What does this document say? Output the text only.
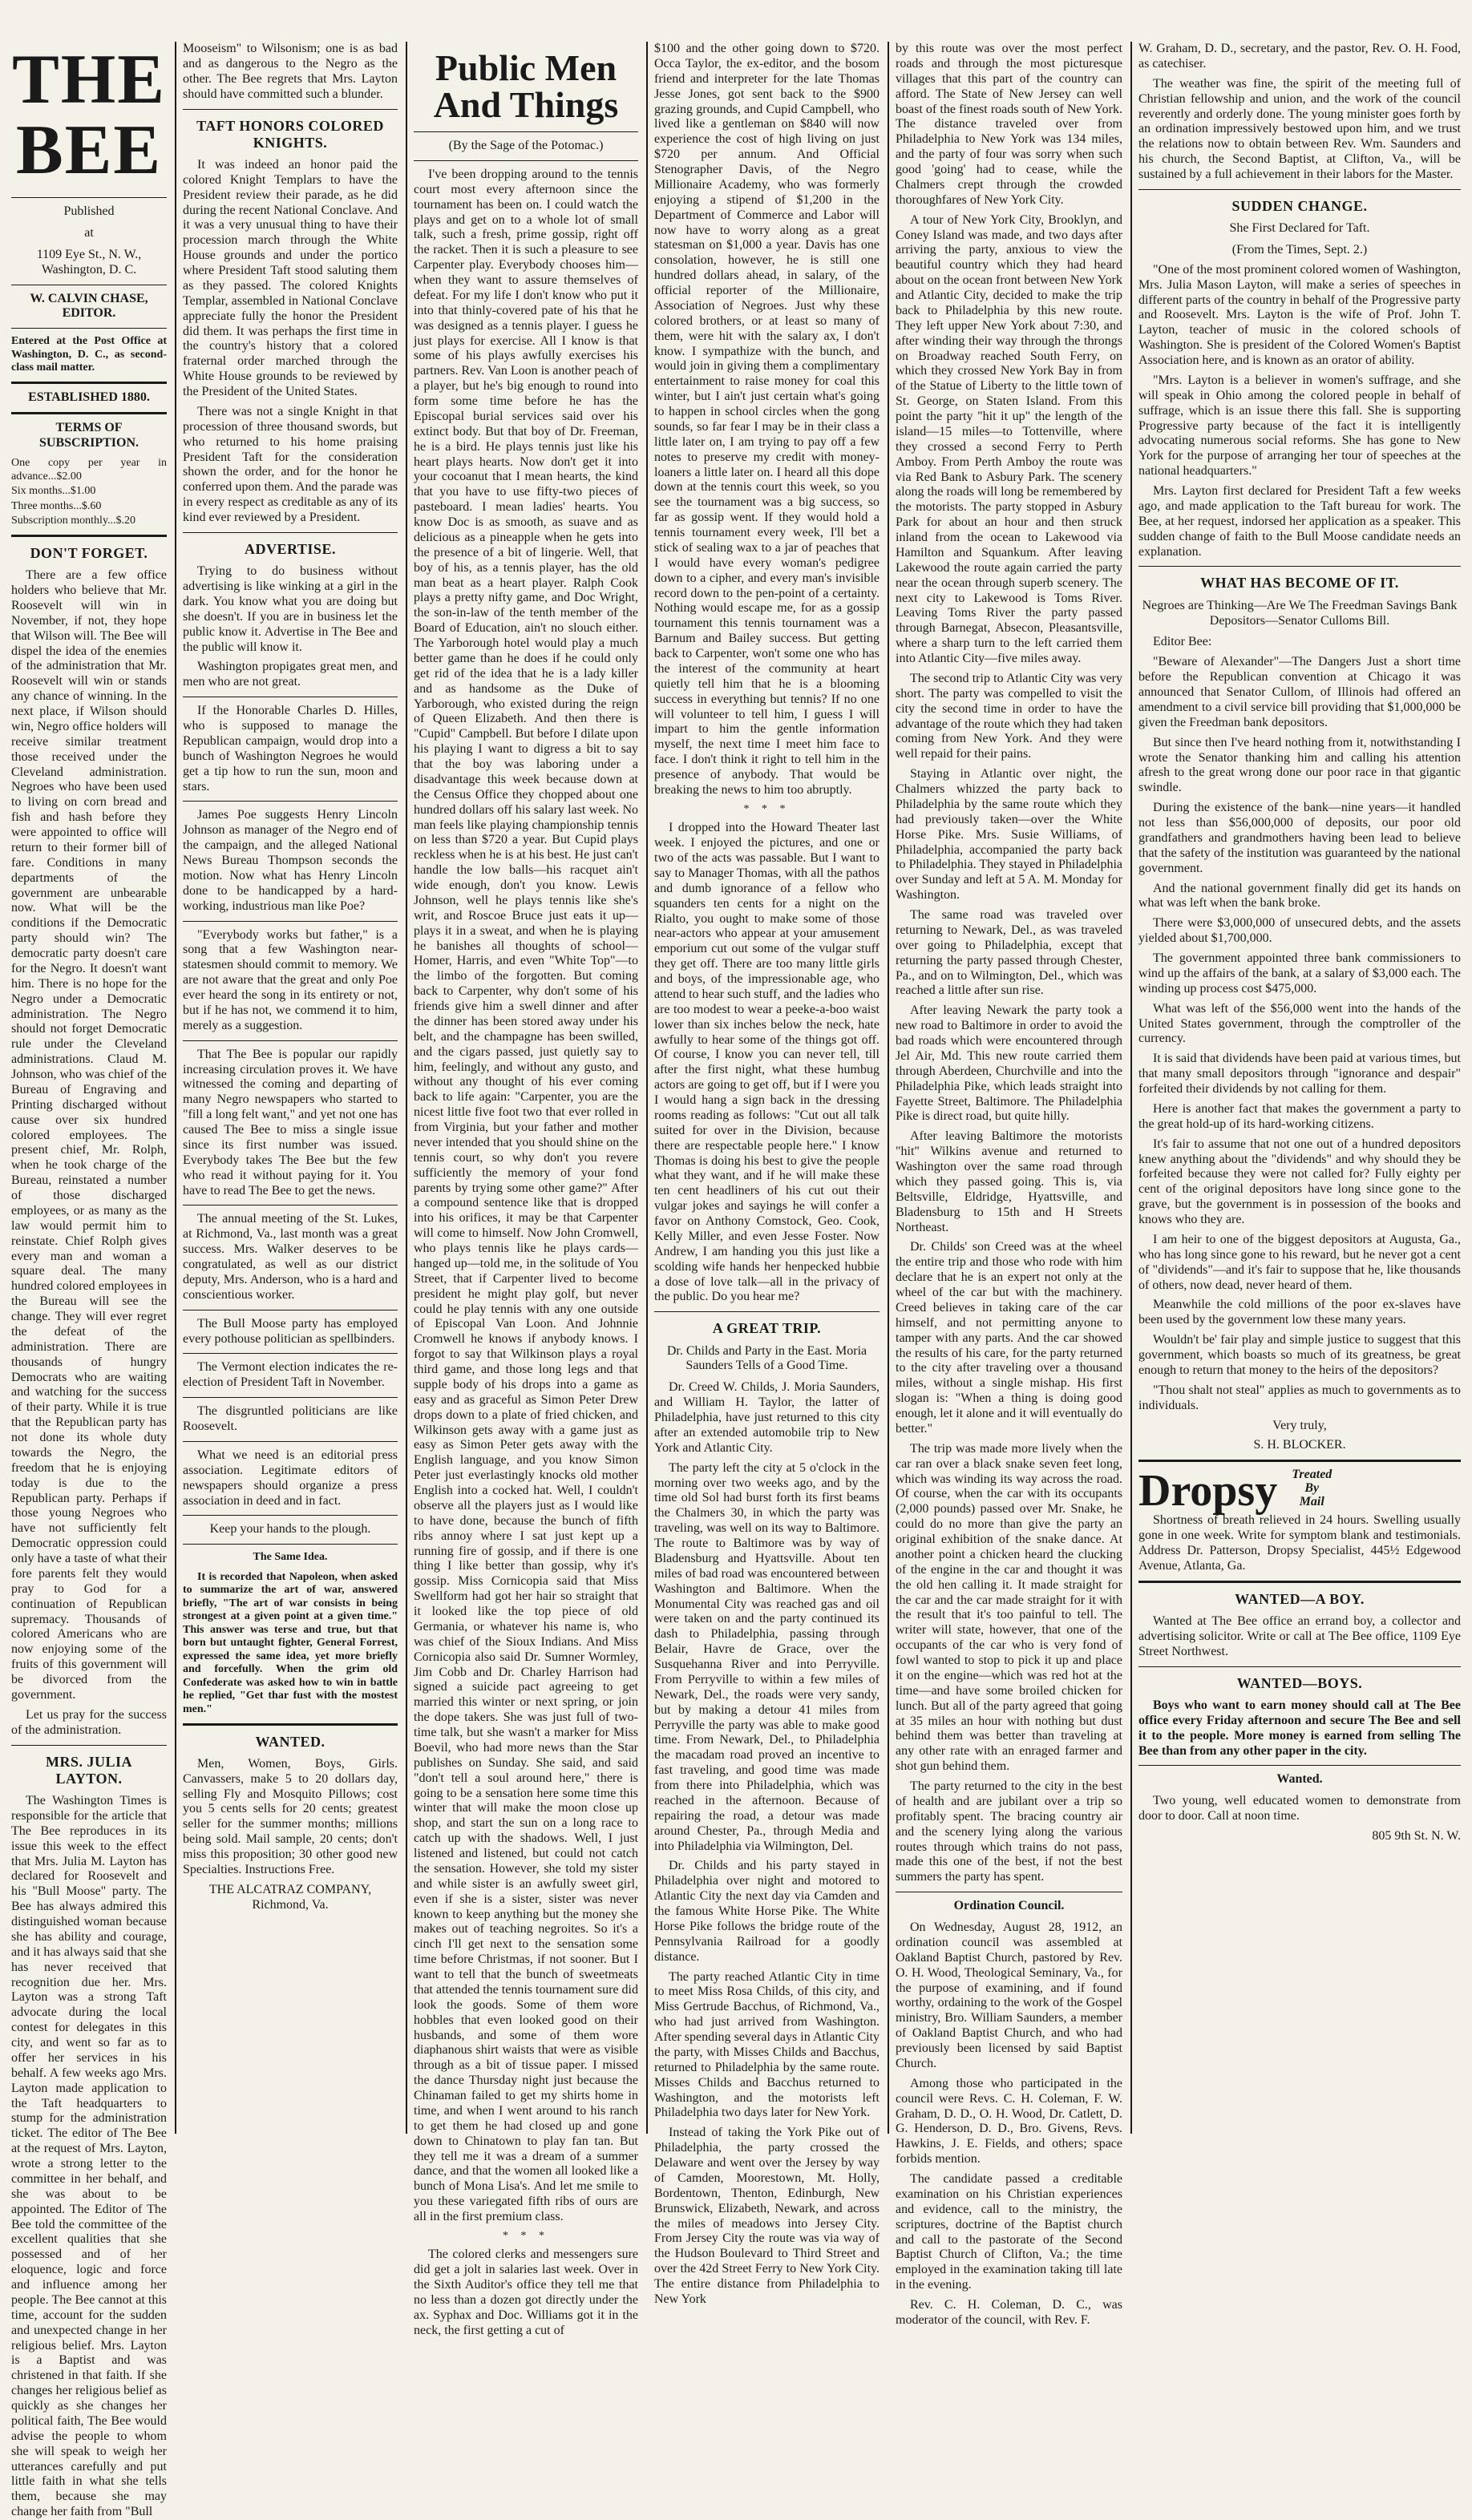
THE BEE
Published
at
1109 Eye St., N. W., Washington, D. C.
W. CALVIN CHASE, EDITOR.

Entered at the Post Office at Washington, D. C., as second-class mail matter.

ESTABLISHED 1880.
TERMS OF SUBSCRIPTION.

One copy per year in advance...$2.00

Six months...$1.00

Three months...$.60

Subscription monthly...$.20

DON'T FORGET.

There are a few office holders who believe that Mr. Roosevelt will win in November, if not, they hope that Wilson will. The Bee will dispel the idea of the enemies of the administration that Mr. Roosevelt will win or stands any chance of winning. In the next place, if Wilson should win, Negro office holders will receive similar treatment those received under the Cleveland administration. Negroes who have been used to living on corn bread and fish and hash before they were appointed to office will return to their former bill of fare. Conditions in many departments of the government are unbearable now. What will be the conditions if the Democratic party should win? The democratic party doesn't care for the Negro. It doesn't want him. There is no hope for the Negro under a Democratic administration. The Negro should not forget Democratic rule under the Cleveland administrations. Claud M. Johnson, who was chief of the Bureau of Engraving and Printing discharged without cause over six hundred colored employees. The present chief, Mr. Rolph, when he took charge of the Bureau, reinstated a number of those discharged employees, or as many as the law would permit him to reinstate. Chief Rolph gives every man and woman a square deal. The many hundred colored employees in the Bureau will see the change. They will ever regret the defeat of the administration. There are thousands of hungry Democrats who are waiting and watching for the success of their party. While it is true that the Republican party has not done its whole duty towards the Negro, the freedom that he is enjoying today is due to the Republican party. Perhaps if those young Negroes who have not sufficiently felt Democratic oppression could only have a taste of what their fore parents felt they would pray to God for a continuation of Republican supremacy. Thousands of colored Americans who are now enjoying some of the fruits of this government will be divorced from the government.

Let us pray for the success of the administration.

MRS. JULIA LAYTON.

The Washington Times is responsible for the article that The Bee reproduces in its issue this week to the effect that Mrs. Julia M. Layton has declared for Roosevelt and his "Bull Moose" party. The Bee has always admired this distinguished woman because she has ability and courage, and it has always said that she has never received that recognition due her. Mrs. Layton was a strong Taft advocate during the local contest for delegates in this city, and went so far as to offer her services in his behalf. A few weeks ago Mrs. Layton made application to the Taft headquarters to stump for the administration ticket. The editor of The Bee at the request of Mrs. Layton, wrote a strong letter to the committee in her behalf, and she was about to be appointed. The Editor of The Bee told the committee of the excellent qualities that she possessed and of her eloquence, logic and force and influence among her people. The Bee cannot at this time, account for the sudden and unexpected change in her religious belief. Mrs. Layton is a Baptist and was christened in that faith. If she changes her religious belief as quickly as she changes her political faith, The Bee would advise the people to whom she will speak to weigh her utterances carefully and put little faith in what she tells them, because she may change her faith from "Bull

Mooseism" to Wilsonism; one is as bad and as dangerous to the Negro as the other. The Bee regrets that Mrs. Layton should have committed such a blunder.

TAFT HONORS COLORED KNIGHTS.

It was indeed an honor paid the colored Knight Templars to have the President review their parade, as he did during the recent National Conclave. And it was a very unusual thing to have their procession march through the White House grounds and under the portico where President Taft stood saluting them as they passed. The colored Knights Templar, assembled in National Conclave appreciate fully the honor the President did them. It was perhaps the first time in the country's history that a colored fraternal order marched through the White House grounds to be reviewed by the President of the United States.

There was not a single Knight in that procession of three thousand swords, but who returned to his home praising President Taft for the consideration shown the order, and for the honor he conferred upon them. And the parade was in every respect as creditable as any of its kind ever reviewed by a President.

ADVERTISE.

Trying to do business without advertising is like winking at a girl in the dark. You know what you are doing but she doesn't. If you are in business let the public know it. Advertise in The Bee and the public will know it.

Washington propigates great men, and men who are not great.

If the Honorable Charles D. Hilles, who is supposed to manage the Republican campaign, would drop into a bunch of Washington Negroes he would get a tip how to run the sun, moon and stars.

James Poe suggests Henry Lincoln Johnson as manager of the Negro end of the campaign, and the alleged National News Bureau Thompson seconds the motion. Now what has Henry Lincoln done to be handicapped by a hard-working, industrious man like Poe?

"Everybody works but father," is a song that a few Washington near-statesmen should commit to memory. We are not aware that the great and only Poe ever heard the song in its entirety or not, but if he has not, we commend it to him, merely as a suggestion.

That The Bee is popular our rapidly increasing circulation proves it. We have witnessed the coming and departing of many Negro newspapers who started to "fill a long felt want," and yet not one has caused The Bee to miss a single issue since its first number was issued. Everybody takes The Bee but the few who read it without paying for it. You have to read The Bee to get the news.

The annual meeting of the St. Lukes, at Richmond, Va., last month was a great success. Mrs. Walker deserves to be congratulated, as well as our district deputy, Mrs. Anderson, who is a hard and conscientious worker.

The Bull Moose party has employed every pothouse politician as spellbinders.

The Vermont election indicates the re-election of President Taft in November.

The disgruntled politicians are like Roosevelt.

What we need is an editorial press association. Legitimate editors of newspapers should organize a press association in deed and in fact.

Keep your hands to the plough.

The Same Idea.

It is recorded that Napoleon, when asked to summarize the art of war, answered briefly, "The art of war consists in being strongest at a given point at a given time." This answer was terse and true, but that born but untaught fighter, General Forrest, expressed the same idea, yet more briefly and forcefully. When the grim old Confederate was asked how to win in battle he replied, "Get thar fust with the mostest men."

WANTED.

Men, Women, Boys, Girls. Canvassers, make 5 to 20 dollars day, selling Fly and Mosquito Pillows; cost you 5 cents sells for 20 cents; greatest seller for the summer months; millions being sold. Mail sample, 20 cents; don't miss this proposition; 30 other good new Specialties. Instructions Free.

THE ALCATRAZ COMPANY, Richmond, Va.

Public Men And Things
(By the Sage of the Potomac.)

I've been dropping around to the tennis court most every afternoon since the tournament has been on. I could watch the plays and get on to a whole lot of small talk, such a fresh, prime gossip, right off the racket. Then it is such a pleasure to see Carpenter play. Everybody chooses him—when they want to assure themselves of defeat. For my life I don't know who put it into that thinly-covered pate of his that he was designed as a tennis player. I guess he just plays for exercise. All I know is that some of his plays awfully exercises his partners. Rev. Van Loon is another peach of a player, but he's big enough to round into form some time before he has the Episcopal burial services said over his extinct body. But that boy of Dr. Freeman, he is a bird. He plays tennis just like his heart plays hearts. Now don't get it into your cocoanut that I mean hearts, the kind that you have to use fifty-two pieces of pasteboard. I mean ladies' hearts. You know Doc is as smooth, as suave and as delicious as a pineapple when he gets into the presence of a bit of lingerie. Well, that boy of his, as a tennis player, has the old man beat as a heart player. Ralph Cook plays a pretty nifty game, and Doc Wright, the son-in-law of the tenth member of the Board of Education, ain't no slouch either. The Yarborough hotel would play a much better game than he does if he could only get rid of the idea that he is a lady killer and as handsome as the Duke of Yarborough, who existed during the reign of Queen Elizabeth. And then there is "Cupid" Campbell. But before I dilate upon his playing I want to digress a bit to say that the boy was laboring under a disadvantage this week because down at the Census Office they chopped about one hundred dollars off his salary last week. No man feels like playing championship tennis on less than $720 a year. But Cupid plays reckless when he is at his best. He just can't handle the low balls—his racquet ain't wide enough, don't you know. Lewis Johnson, well he plays tennis like she's writ, and Roscoe Bruce just eats it up—plays it in a sweat, and when he is playing he banishes all thoughts of school—Homer, Harris, and even "White Top"—to the limbo of the forgotten. But coming back to Carpenter, why don't some of his friends give him a swell dinner and after the dinner has been stored away under his belt, and the champagne has been swilled, and the cigars passed, just quietly say to him, feelingly, and without any gusto, and without any thought of his ever coming back to life again: "Carpenter, you are the nicest little five foot two that ever rolled in from Virginia, but your father and mother never intended that you should shine on the tennis court, so why don't you revere sufficiently the memory of your fond parents by trying some other game?" After a compound sentence like that is dropped into his orifices, it may be that Carpenter will come to himself. Now John Cromwell, who plays tennis like he plays cards—hanged up—told me, in the solitude of You Street, that if Carpenter lived to become president he might play golf, but never could he play tennis with any one outside of Episcopal Van Loon. And Johnnie Cromwell he knows if anybody knows. I forgot to say that Wilkinson plays a royal third game, and those long legs and that supple body of his drops into a game as easy and as graceful as Simon Peter Drew drops down to a plate of fried chicken, and Wilkinson gets away with a game just as easy as Simon Peter gets away with the English language, and you know Simon Peter just everlastingly knocks old mother English into a cocked hat. Well, I couldn't observe all the players just as I would like to have done, because the bunch of fifth ribs annoy where I sat just kept up a running fire of gossip, and if there is one thing I like better than gossip, why it's gossip. Miss Cornicopia said that Miss Swellform had got her hair so straight that it looked like the top piece of old Germania, or whatever his name is, who was chief of the Sioux Indians. And Miss Cornicopia also said Dr. Sumner Wormley, Jim Cobb and Dr. Charley Harrison had signed a suicide pact agreeing to get married this winter or next spring, or join the dope takers. She was just full of two-time talk, but she wasn't a marker for Miss Boevil, who had more news than the Star publishes on Sunday. She said, and said "don't tell a soul around here," there is going to be a sensation here some time this winter that will make the moon close up shop, and start the sun on a long race to catch up with the shadows. Well, I just listened and listened, but could not catch the sensation. However, she told my sister and while sister is an awfully sweet girl, even if she is a sister, sister was never known to keep anything but the money she makes out of teaching negroites. So it's a cinch I'll get next to the sensation some time before Christmas, if not sooner. But I want to tell that the bunch of sweetmeats that attended the tennis tournament sure did look the goods. Some of them wore hobbles that even looked good on their husbands, and some of them wore diaphanous shirt waists that were as visible through as a bit of tissue paper. I missed the dance Thursday night just because the Chinaman failed to get my shirts home in time, and when I went around to his ranch to get them he had closed up and gone down to Chinatown to play fan tan. But they tell me it was a dream of a summer dance, and that the women all looked like a bunch of Mona Lisa's. And let me smile to you these variegated fifth ribs of ours are all in the first premium class.

* * *

The colored clerks and messengers sure did get a jolt in salaries last week. Over in the Sixth Auditor's office they tell me that no less than a dozen got directly under the ax. Syphax and Doc. Williams got it in the neck, the first getting a cut of

$100 and the other going down to $720. Occa Taylor, the ex-editor, and the bosom friend and interpreter for the late Thomas Jesse Jones, got sent back to the $900 grazing grounds, and Cupid Campbell, who lived like a gentleman on $840 will now experience the cost of high living on just $720 per annum. And Official Stenographer Davis, of the Negro Millionaire Academy, who was formerly enjoying a stipend of $1,200 in the Department of Commerce and Labor will now have to worry along as a great statesman on $1,000 a year. Davis has one consolation, however, he is still one hundred dollars ahead, in salary, of the official reporter of the Millionaire, Association of Negroes. Just why these colored brothers, or at least so many of them, were hit with the salary ax, I don't know. I sympathize with the bunch, and would join in giving them a complimentary entertainment to raise money for coal this winter, but I ain't just certain what's going to happen in school circles when the gong sounds, so far fear I may be in their class a little later on, I am trying to pay off a few notes to preserve my credit with money-loaners a little later on. I heard all this dope down at the tennis court this week, so you see the tournament was a big success, so far as gossip went. If they would hold a tennis tournament every week, I'll bet a stick of sealing wax to a jar of peaches that I would have every woman's pedigree down to a cipher, and every man's invisible record down to the pen-point of a certainty. Nothing would escape me, for as a gossip tournament this tennis tournament was a Barnum and Bailey success. But getting back to Carpenter, won't some one who has the interest of the community at heart quietly tell him that he is a blooming success in everything but tennis? If no one will volunteer to tell him, I guess I will impart to him the gentle information myself, the next time I meet him face to face. I don't think it right to tell him in the presence of anybody. That would be breaking the news to him too abruptly.

* * *

I dropped into the Howard Theater last week. I enjoyed the pictures, and one or two of the acts was passable. But I want to say to Manager Thomas, with all the pathos and dumb ignorance of a fellow who squanders ten cents for a night on the Rialto, you ought to make some of those near-actors who appear at your amusement emporium cut out some of the vulgar stuff they get off. There are too many little girls and boys, of the impressionable age, who attend to hear such stuff, and the ladies who are too modest to wear a peeke-a-boo waist lower than six inches below the neck, hate awfully to hear some of the things got off. Of course, I know you can never tell, till after the first night, what these humbug actors are going to get off, but if I were you I would hang a sign back in the dressing rooms reading as follows: "Cut out all talk suited for over in the Division, because there are respectable people here." I know Thomas is doing his best to give the people what they want, and if he will make these ten cent headliners of his cut out their vulgar jokes and sayings he will confer a favor on Anthony Comstock, Geo. Cook, Kelly Miller, and even Jesse Foster. Now Andrew, I am handing you this just like a scolding wife hands her henpecked hubbie a dose of love talk—all in the privacy of the public. Do you hear me?

A GREAT TRIP.
Dr. Childs and Party in the East. Moria Saunders Tells of a Good Time.

Dr. Creed W. Childs, J. Moria Saunders, and William H. Taylor, the latter of Philadelphia, have just returned to this city after an extended automobile trip to New York and Atlantic City.

The party left the city at 5 o'clock in the morning over two weeks ago, and by the time old Sol had burst forth its first beams the Chalmers 30, in which the party was traveling, was well on its way to Baltimore. The route to Baltimore was by way of Bladensburg and Hyattsville. About ten miles of bad road was encountered between Washington and Baltimore. When the Monumental City was reached gas and oil were taken on and the party continued its dash to Philadelphia, passing through Belair, Havre de Grace, over the Susquehanna River and into Perryville. From Perryville to within a few miles of Newark, Del., the roads were very sandy, but by making a detour 41 miles from Perryville the party was able to make good time. From Newark, Del., to Philadelphia the macadam road proved an incentive to fast traveling, and good time was made from there into Philadelphia, which was reached in the afternoon. Because of repairing the road, a detour was made around Chester, Pa., through Media and into Philadelphia via Wilmington, Del.

Dr. Childs and his party stayed in Philadelphia over night and motored to Atlantic City the next day via Camden and the famous White Horse Pike. The White Horse Pike follows the bridge route of the Pennsylvania Railroad for a goodly distance.

The party reached Atlantic City in time to meet Miss Rosa Childs, of this city, and Miss Gertrude Bacchus, of Richmond, Va., who had just arrived from Washington. After spending several days in Atlantic City the party, with Misses Childs and Bacchus, returned to Philadelphia by the same route. Misses Childs and Bacchus returned to Washington, and the motorists left Philadelphia two days later for New York.

Instead of taking the York Pike out of Philadelphia, the party crossed the Delaware and went over the Jersey by way of Camden, Moorestown, Mt. Holly, Bordentown, Thenton, Edinburgh, New Brunswick, Elizabeth, Newark, and across the miles of meadows into Jersey City. From Jersey City the route was via way of the Hudson Boulevard to Third Street and over the 42d Street Ferry to New York City. The entire distance from Philadelphia to New York

by this route was over the most perfect roads and through the most picturesque villages that this part of the country can afford. The State of New Jersey can well boast of the finest roads south of New York. The distance traveled over from Philadelphia to New York was 134 miles, and the party of four was sorry when such good 'going' had to cease, while the Chalmers crept through the crowded thoroughfares of New York City.

A tour of New York City, Brooklyn, and Coney Island was made, and two days after arriving the party, anxious to view the beautiful country which they had heard about on the ocean front between New York and Atlantic City, decided to make the trip back to Philadelphia by this new route. They left upper New York about 7:30, and after winding their way through the throngs on Broadway reached South Ferry, on which they crossed New York Bay in from of the Statue of Liberty to the little town of St. George, on Staten Island. From this point the party "hit it up" the length of the island—15 miles—to Tottenville, where they crossed a second Ferry to Perth Amboy. From Perth Amboy the route was via Red Bank to Asbury Park. The scenery along the roads will long be remembered by the motorists. The party stopped in Asbury Park for about an hour and then struck inland from the ocean to Lakewood via Hamilton and Squankum. After leaving Lakewood the route again carried the party near the ocean through superb scenery. The next city to Lakewood is Toms River. Leaving Toms River the party passed through Barnegat, Absecon, Pleasantsville, where a sharp turn to the left carried them into Atlantic City—five miles away.

The second trip to Atlantic City was very short. The party was compelled to visit the city the second time in order to have the advantage of the route which they had taken coming from New York. And they were well repaid for their pains.

Staying in Atlantic over night, the Chalmers whizzed the party back to Philadelphia by the same route which they had previously taken—over the White Horse Pike. Mrs. Susie Williams, of Philadelphia, accompanied the party back to Philadelphia. They stayed in Philadelphia over Sunday and left at 5 A. M. Monday for Washington.

The same road was traveled over returning to Newark, Del., as was traveled over going to Philadelphia, except that returning the party passed through Chester, Pa., and on to Wilmington, Del., which was reached a little after sun rise.

After leaving Newark the party took a new road to Baltimore in order to avoid the bad roads which were encountered through Jel Air, Md. This new route carried them through Aberdeen, Churchville and into the Philadelphia Pike, which leads straight into Fayette Street, Baltimore. The Philadelphia Pike is direct road, but quite hilly.

After leaving Baltimore the motorists "hit" Wilkins avenue and returned to Washington over the same road through which they passed going. This is, via Beltsville, Eldridge, Hyattsville, and Bladensburg to 15th and H Streets Northeast.

Dr. Childs' son Creed was at the wheel the entire trip and those who rode with him declare that he is an expert not only at the wheel of the car but with the machinery. Creed believes in taking care of the car himself, and not permitting anyone to tamper with any parts. And the car showed the results of his care, for the party returned to the city after traveling over a thousand miles, without a single mishap. His first slogan is: "When a thing is doing good enough, let it alone and it will eventually do better."

The trip was made more lively when the car ran over a black snake seven feet long, which was winding its way across the road. Of course, when the car with its occupants (2,000 pounds) passed over Mr. Snake, he could do no more than give the party an original exhibition of the snake dance. At another point a chicken heard the clucking of the engine in the car and thought it was the old hen calling it. It made straight for the car and the car made straight for it with the result that it's too painful to tell. The writer will state, however, that one of the occupants of the car who is very fond of fowl wanted to stop to pick it up and place it on the engine—which was red hot at the time—and have some broiled chicken for lunch. But all of the party agreed that going at 35 miles an hour with nothing but dust behind them was better than traveling at any other rate with an enraged farmer and shot gun behind them.

The party returned to the city in the best of health and are jubilant over a trip so profitably spent. The bracing country air and the scenery lying along the various routes through which trains do not pass, made this one of the best, if not the best summers the party has spent.

Ordination Council.

On Wednesday, August 28, 1912, an ordination council was assembled at Oakland Baptist Church, pastored by Rev. O. H. Wood, Theological Seminary, Va., for the purpose of examining, and if found worthy, ordaining to the work of the Gospel ministry, Bro. William Saunders, a member of Oakland Baptist Church, and who had previously been licensed by said Baptist Church.

Among those who participated in the council were Revs. C. H. Coleman, F. W. Graham, D. D., O. H. Wood, Dr. Catlett, D. G. Henderson, D. D., Bro. Givens, Revs. Hawkins, J. E. Fields, and others; space forbids mention.

The candidate passed a creditable examination on his Christian experiences and evidence, call to the ministry, the scriptures, doctrine of the Baptist church and call to the pastorate of the Second Baptist Church of Clifton, Va.; the time employed in the examination taking till late in the evening.

Rev. C. H. Coleman, D. C., was moderator of the council, with Rev. F.

W. Graham, D. D., secretary, and the pastor, Rev. O. H. Food, as catechiser.

The weather was fine, the spirit of the meeting full of Christian fellowship and union, and the work of the council reverently and orderly done. The young minister goes forth by an ordination impressively bestowed upon him, and we trust the relations now to obtain between Rev. Wm. Saunders and his church, the Second Baptist, at Clifton, Va., will be sustained by a full achievement in their labors for the Master.

SUDDEN CHANGE.
She First Declared for Taft.

(From the Times, Sept. 2.)

"One of the most prominent colored women of Washington, Mrs. Julia Mason Layton, will make a series of speeches in different parts of the country in behalf of the Progressive party and Roosevelt. Mrs. Layton is the wife of Prof. John T. Layton, teacher of music in the colored schools of Washington. She is president of the Colored Women's Baptist Association here, and is known as an orator of ability.

"Mrs. Layton is a believer in women's suffrage, and she will speak in Ohio among the colored people in behalf of suffrage, which is an issue there this fall. She is supporting Progressive party because of the fact it is intelligently advocating numerous social reforms. She has gone to New York for the purpose of arranging her tour of speeches at the national headquarters."

Mrs. Layton first declared for President Taft a few weeks ago, and made application to the Taft bureau for work. The Bee, at her request, indorsed her application as a speaker. This sudden change of faith to the Bull Moose candidate needs an explanation.

WHAT HAS BECOME OF IT.
Negroes are Thinking—Are We The Freedman Savings Bank Depositors—Senator Culloms Bill.

Editor Bee:

"Beware of Alexander"—The Dangers Just a short time before the Republican convention at Chicago it was announced that Senator Cullom, of Illinois had offered an amendment to a civil service bill providing that $1,000,000 be given the Freedman bank depositors.

But since then I've heard nothing from it, notwithstanding I wrote the Senator thanking him and calling his attention afresh to the great wrong done our poor race in that gigantic swindle.

During the existence of the bank—nine years—it handled not less than $56,000,000 of deposits, our poor old grandfathers and grandmothers having been lead to believe that the safety of the institution was guaranteed by the national government.

And the national government finally did get its hands on what was left when the bank broke.

There were $3,000,000 of unsecured debts, and the assets yielded about $1,700,000.

The government appointed three bank commissioners to wind up the affairs of the bank, at a salary of $3,000 each. The winding up process cost $475,000.

What was left of the $56,000 went into the hands of the United States government, through the comptroller of the currency.

It is said that dividends have been paid at various times, but that many small depositors through "ignorance and despair" forfeited their dividends by not calling for them.

Here is another fact that makes the government a party to the great hold-up of its hard-working citizens.

It's fair to assume that not one out of a hundred depositors knew anything about the "dividends" and why should they be forfeited because they were not called for? Fully eighty per cent of the original depositors have long since gone to the grave, but the government is in possession of the books and knows who they are.

I am heir to one of the biggest depositors at Augusta, Ga., who has long since gone to his reward, but he never got a cent of "dividends"—and it's fair to suppose that he, like thousands of others, now dead, never heard of them.

Meanwhile the cold millions of the poor ex-slaves have been used by the government low these many years.

Wouldn't be' fair play and simple justice to suggest that this government, which boasts so much of its greatness, be great enough to return that money to the heirs of the depositors?

"Thou shalt not steal" applies as much to governments as to individuals.

Very truly,

S. H. BLOCKER.

Dropsy Treated
By
Mail

Shortness of breath relieved in 24 hours. Swelling usually gone in one week. Write for symptom blank and testimonials. Address Dr. Patterson, Dropsy Specialist, 445½ Edgewood Avenue, Atlanta, Ga.

WANTED—A BOY.

Wanted at The Bee office an errand boy, a collector and advertising solicitor. Write or call at The Bee office, 1109 Eye Street Northwest.

WANTED—BOYS.

Boys who want to earn money should call at The Bee office every Friday afternoon and secure The Bee and sell it to the people. More money is earned from selling The Bee than from any other paper in the city.

Wanted.

Two young, well educated women to demonstrate from door to door. Call at noon time.

805 9th St. N. W.
